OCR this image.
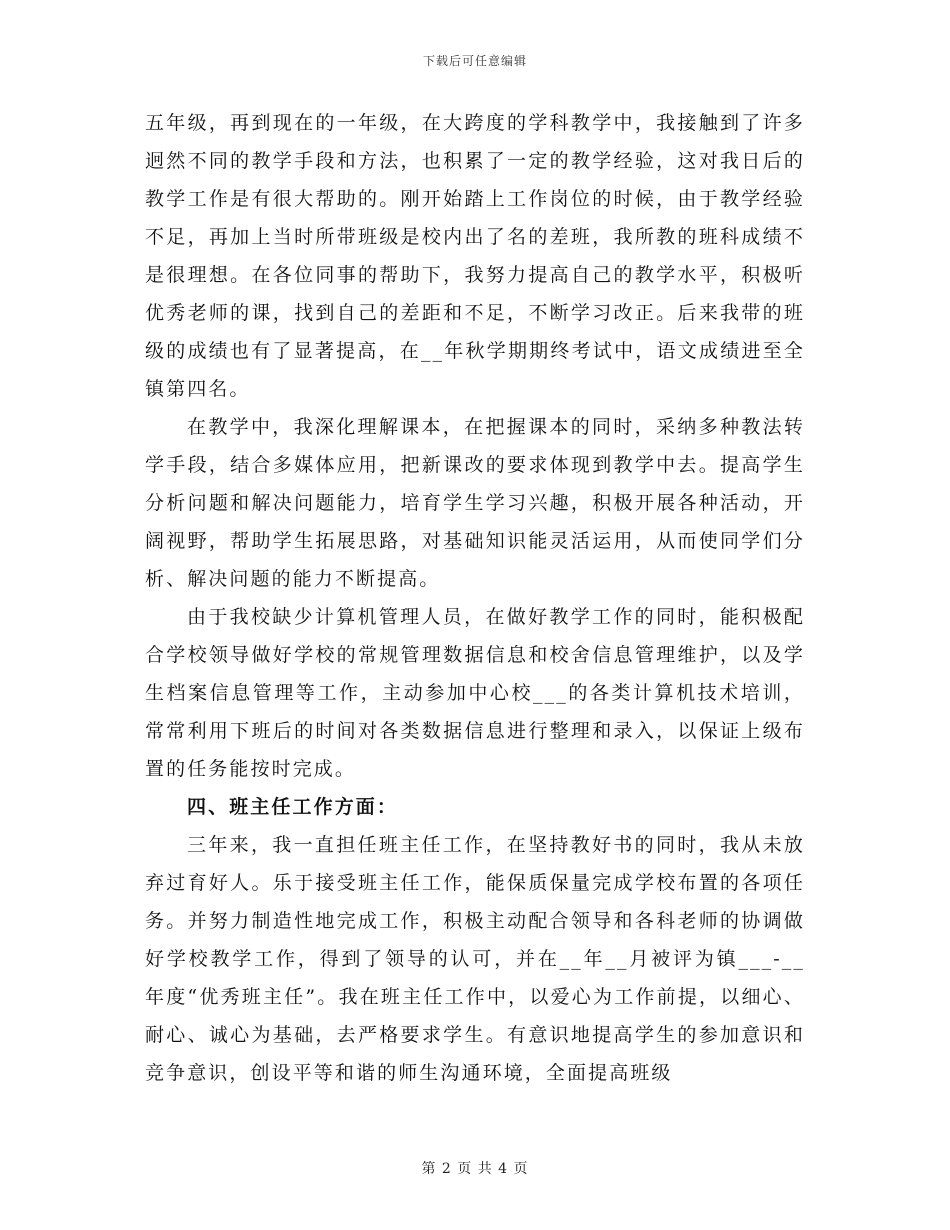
下载后可任意编辑

五年级，再到现在的一年级，在大跨度的学科教学中，我接触到了许多迥然不同的教学手段和方法，也积累了一定的教学经验，这对我日后的教学工作是有很大帮助的。刚开始踏上工作岗位的时候，由于教学经验不足，再加上当时所带班级是校内出了名的差班，我所教的班科成绩不是很理想。在各位同事的帮助下，我努力提高自己的教学水平，积极听优秀老师的课，找到自己的差距和不足，不断学习改正。后来我带的班级的成绩也有了显著提高，在__年秋学期期终考试中，语文成绩进至全镇第四名。

在教学中，我深化理解课本，在把握课本的同时，采纳多种教法转学手段，结合多媒体应用，把新课改的要求体现到教学中去。提高学生分析问题和解决问题能力，培育学生学习兴趣，积极开展各种活动，开阔视野，帮助学生拓展思路，对基础知识能灵活运用，从而使同学们分析、解决问题的能力不断提高。

由于我校缺少计算机管理人员，在做好教学工作的同时，能积极配合学校领导做好学校的常规管理数据信息和校舍信息管理维护，以及学生档案信息管理等工作，主动参加中心校___的各类计算机技术培训，常常利用下班后的时间对各类数据信息进行整理和录入，以保证上级布置的任务能按时完成。

四、班主任工作方面：

三年来，我一直担任班主任工作，在坚持教好书的同时，我从未放弃过育好人。乐于接受班主任工作，能保质保量完成学校布置的各项任务。并努力制造性地完成工作，积极主动配合领导和各科老师的协调做好学校教学工作，得到了领导的认可，并在__年__月被评为镇___-__年度“优秀班主任”。我在班主任工作中，以爱心为工作前提，以细心、耐心、诚心为基础，去严格要求学生。有意识地提高学生的参加意识和竞争意识，创设平等和谐的师生沟通环境，全面提高班级

第 2 页 共 4 页
